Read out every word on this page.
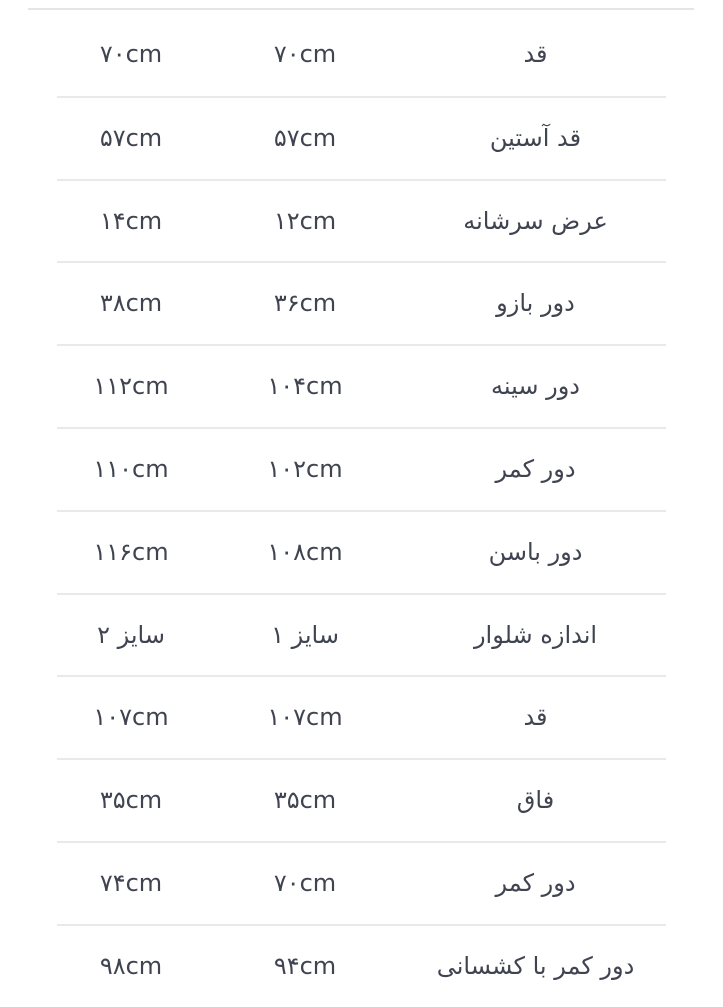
قد
۷۰cm
۷۰cm
قد آستین
۵۷cm
۵۷cm
عرض سرشانه
۱۲cm
۱۴cm
دور بازو
۳۶cm
۳۸cm
دور سینه
۱۰۴cm
۱۱۲cm
دور کمر
۱۰۲cm
۱۱۰cm
دور باسن
۱۰۸cm
۱۱۶cm
اندازه شلوار
سایز ۱
سایز ۲
قد
۱۰۷cm
۱۰۷cm
فاق
۳۵cm
۳۵cm
دور کمر
۷۰cm
۷۴cm
دور کمر با کشسانی
۹۴cm
۹۸cm
